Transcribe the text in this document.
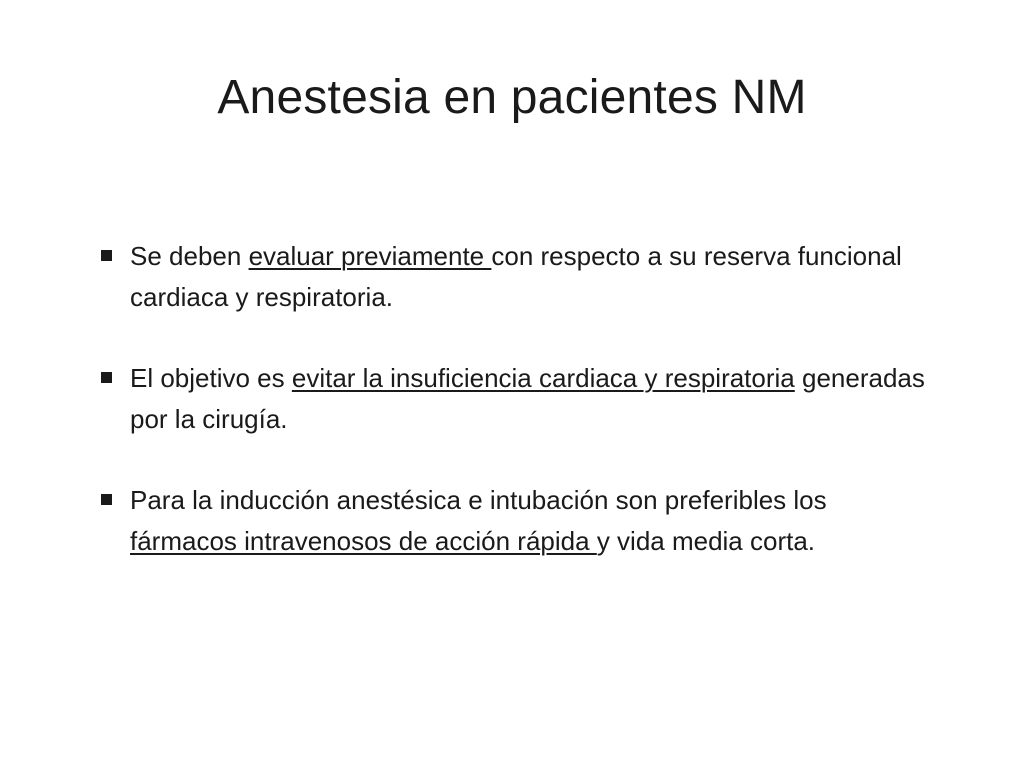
Anestesia en pacientes NM
Se deben evaluar previamente con respecto a su reserva funcional cardiaca y respiratoria.
El objetivo es evitar la insuficiencia cardiaca y respiratoria generadas por la cirugía.
Para la inducción anestésica e intubación son preferibles los fármacos intravenosos de acción rápida y vida media corta.
